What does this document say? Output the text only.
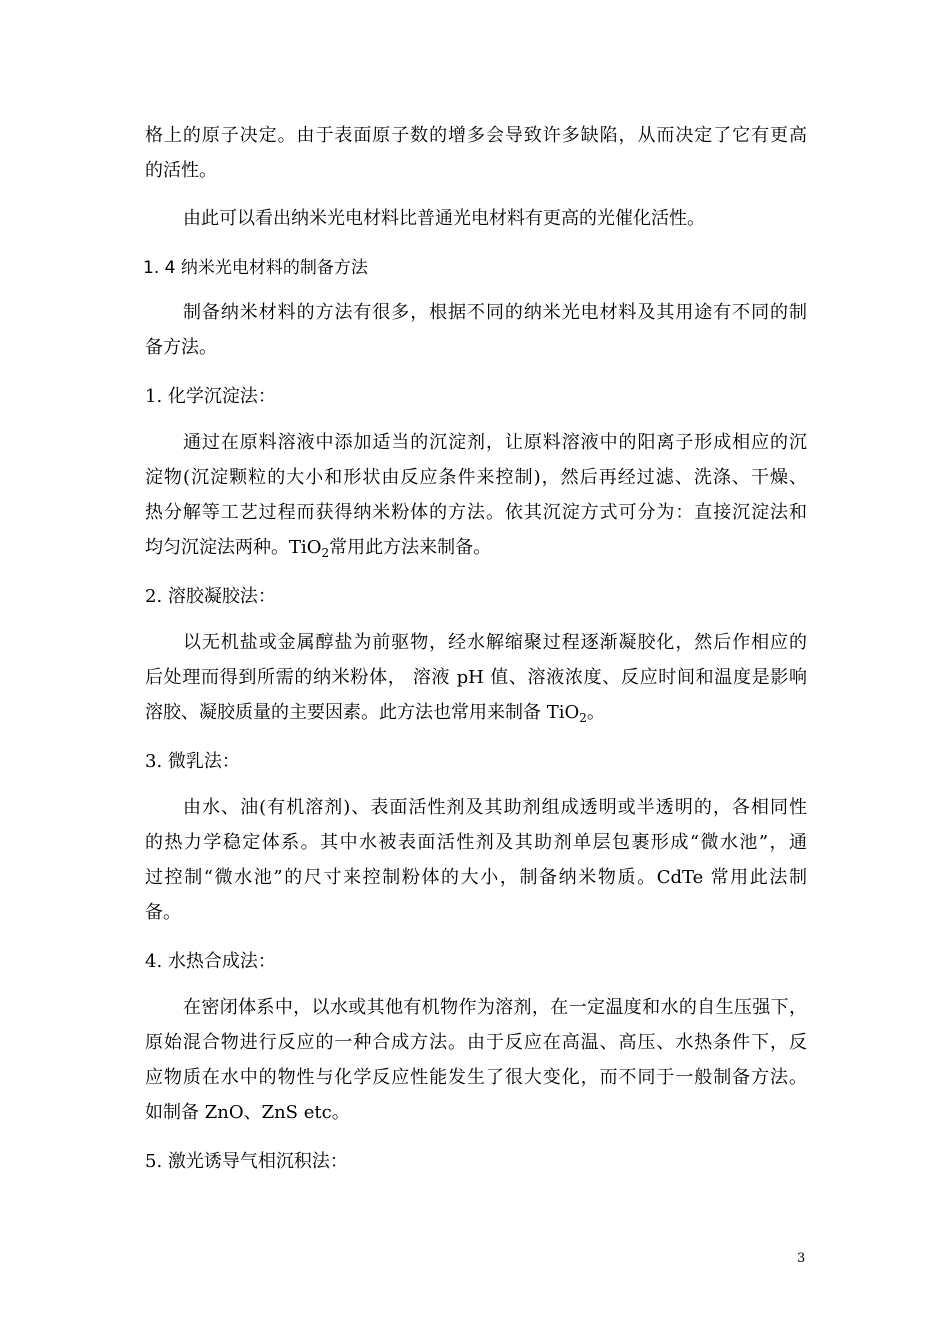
格上的原子决定。由于表面原子数的增多会导致许多缺陷，从而决定了它有更高
的活性。
由此可以看出纳米光电材料比普通光电材料有更高的光催化活性。
1. 4 纳米光电材料的制备方法
制备纳米材料的方法有很多，根据不同的纳米光电材料及其用途有不同的制
备方法。
1. 化学沉淀法：
通过在原料溶液中添加适当的沉淀剂，让原料溶液中的阳离子形成相应的沉
淀物(沉淀颗粒的大小和形状由反应条件来控制)，然后再经过滤、洗涤、干燥、
热分解等工艺过程而获得纳米粉体的方法。依其沉淀方式可分为：直接沉淀法和
均匀沉淀法两种。TiO$_2$常用此方法来制备。
2. 溶胶凝胶法：
以无机盐或金属醇盐为前驱物，经水解缩聚过程逐渐凝胶化，然后作相应的
后处理而得到所需的纳米粉体， 溶液 pH 值、溶液浓度、反应时间和温度是影响
溶胶、凝胶质量的主要因素。此方法也常用来制备 TiO$_2$。
3. 微乳法：
由水、油(有机溶剂)、表面活性剂及其助剂组成透明或半透明的，各相同性
的热力学稳定体系。其中水被表面活性剂及其助剂单层包裹形成“微水池”，通
过控制“微水池”的尺寸来控制粉体的大小，制备纳米物质。CdTe 常用此法制
备。
4. 水热合成法：
在密闭体系中，以水或其他有机物作为溶剂，在一定温度和水的自生压强下，
原始混合物进行反应的一种合成方法。由于反应在高温、高压、水热条件下，反
应物质在水中的物性与化学反应性能发生了很大变化，而不同于一般制备方法。
如制备 ZnO、ZnS etc。
5. 激光诱导气相沉积法：
3
